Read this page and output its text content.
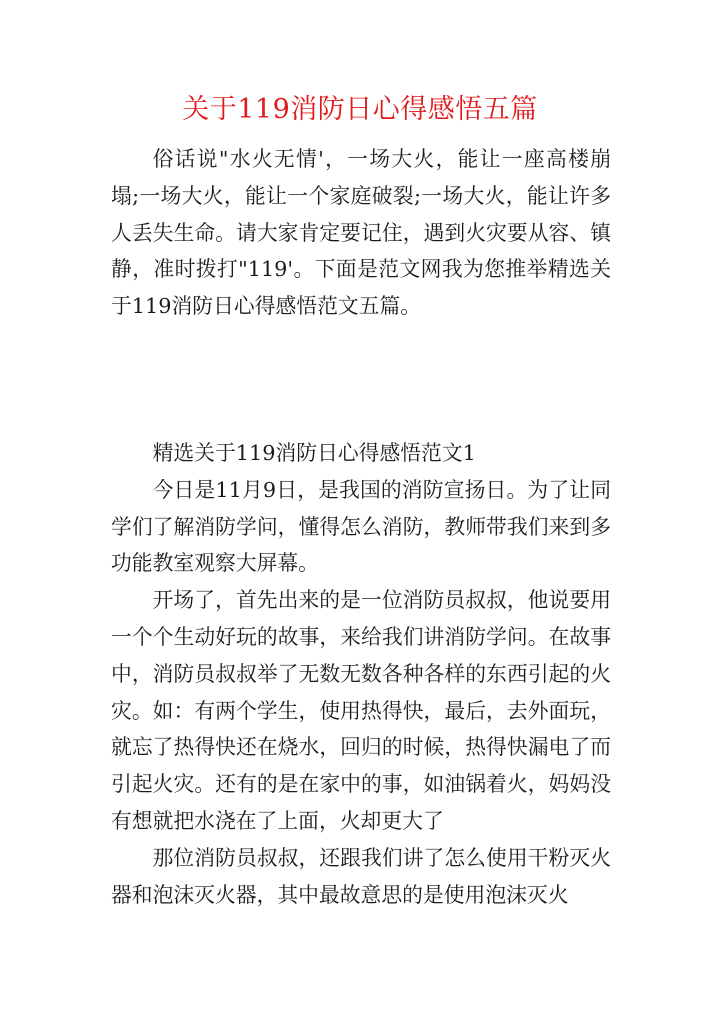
关于119消防日心得感悟五篇

俗话说"水火无情'，一场大火，能让一座高楼崩塌;一场大火，能让一个家庭破裂;一场大火，能让许多人丢失生命。请大家肯定要记住，遇到火灾要从容、镇静，准时拨打"119'。下面是范文网我为您推举精选关于119消防日心得感悟范文五篇。

精选关于119消防日心得感悟范文1

今日是11月9日，是我国的消防宣扬日。为了让同学们了解消防学问，懂得怎么消防，教师带我们来到多功能教室观察大屏幕。

开场了，首先出来的是一位消防员叔叔，他说要用一个个生动好玩的故事，来给我们讲消防学问。在故事中，消防员叔叔举了无数无数各种各样的东西引起的火灾。如：有两个学生，使用热得快，最后，去外面玩，就忘了热得快还在烧水，回归的时候，热得快漏电了而引起火灾。还有的是在家中的事，如油锅着火，妈妈没有想就把水浇在了上面，火却更大了

那位消防员叔叔，还跟我们讲了怎么使用干粉灭火器和泡沫灭火器，其中最故意思的是使用泡沫灭火
